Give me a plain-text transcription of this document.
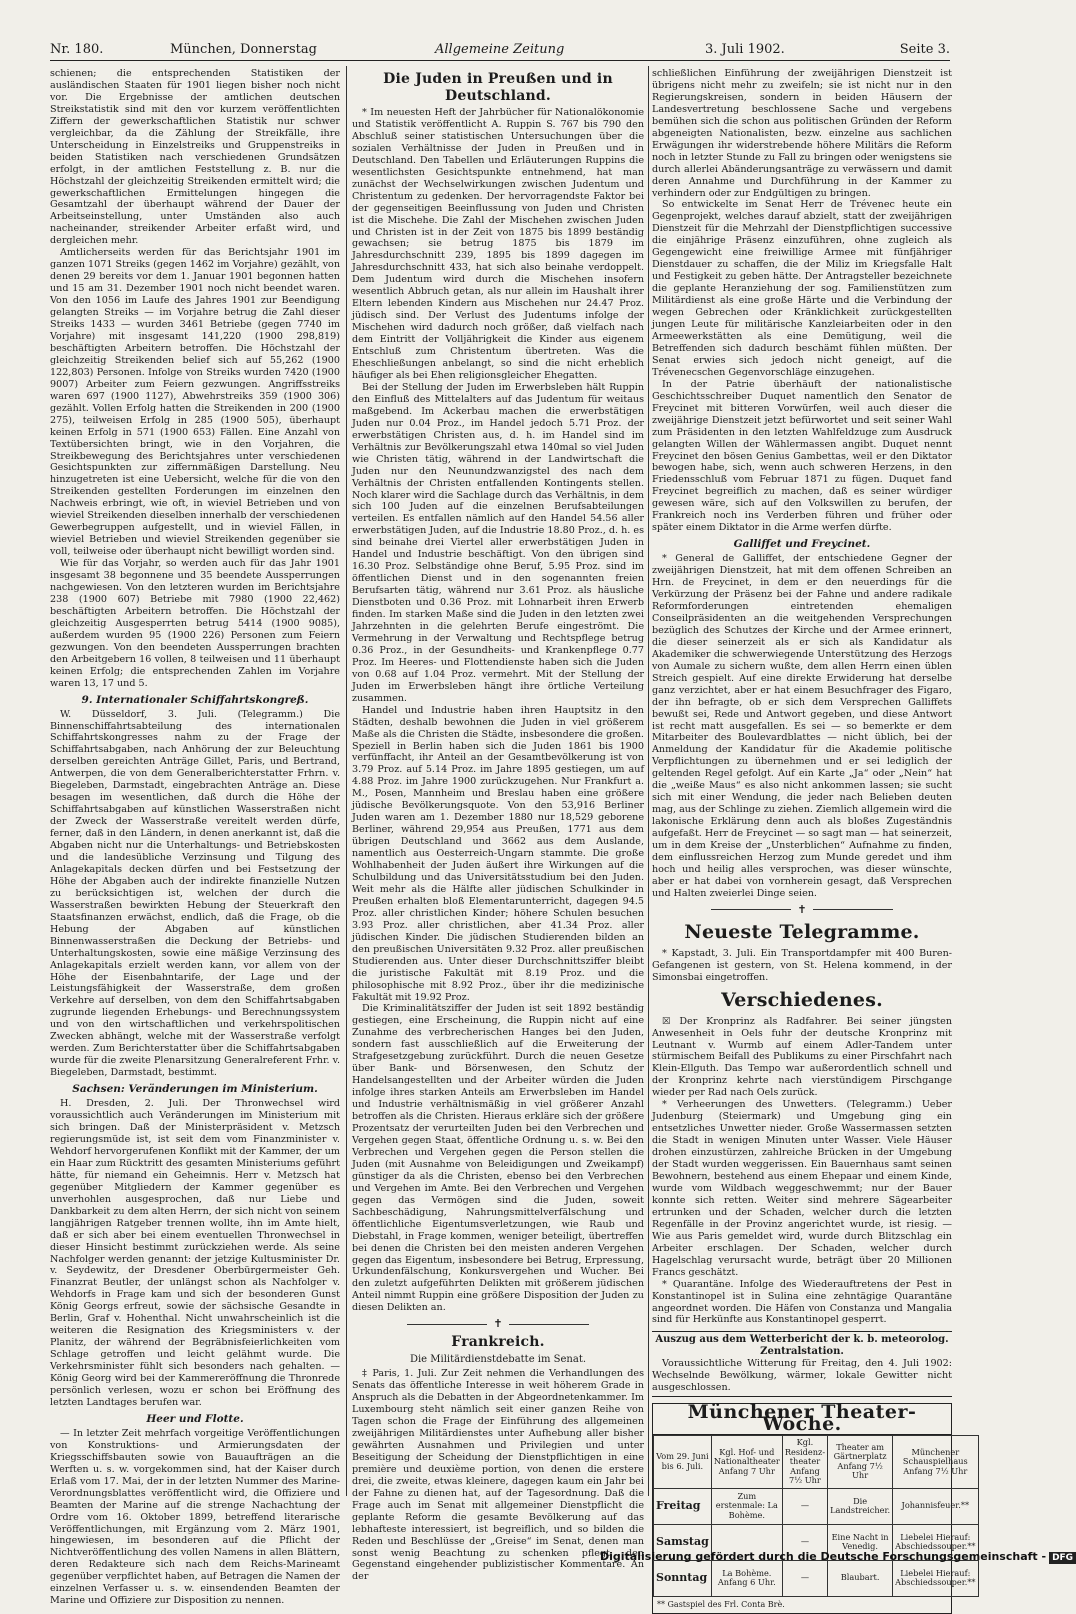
Nr. 180.	München, Donnerstag	Allgemeine Zeitung	3. Juli 1902.	Seite 3.

schienen; die entsprechenden Statistiken der ausländischen Staaten für 1901 liegen bisher noch nicht vor. Die Ergebnisse der amtlichen deutschen Streikstatistik sind mit den vor kurzem veröffentlichten Ziffern der gewerkschaftlichen Statistik nur schwer vergleichbar, da die Zählung der Streikfälle, ihre Unterscheidung in Einzelstreiks und Gruppenstreiks in beiden Statistiken nach verschiedenen Grundsätzen erfolgt, in der amtlichen Feststellung z. B. nur die Höchstzahl der gleichzeitig Streikenden ermittelt wird; die gewerkschaftlichen Ermittelungen hingegen die Gesamtzahl der überhaupt während der Dauer der Arbeitseinstellung, unter Umständen also auch nacheinander, streikender Arbeiter erfaßt wird, und dergleichen mehr.

Amtlicherseits werden für das Berichtsjahr 1901 im ganzen 1071 Streiks (gegen 1462 im Vorjahre) gezählt, von denen 29 bereits vor dem 1. Januar 1901 begonnen hatten und 15 am 31. Dezember 1901 noch nicht beendet waren. Von den 1056 im Laufe des Jahres 1901 zur Beendigung gelangten Streiks — im Vorjahre betrug die Zahl dieser Streiks 1433 — wurden 3461 Betriebe (gegen 7740 im Vorjahre) mit insgesamt 141,220 (1900 298,819) beschäftigten Arbeitern betroffen. Die Höchstzahl der gleichzeitig Streikenden belief sich auf 55,262 (1900 122,803) Personen. Infolge von Streiks wurden 7420 (1900 9007) Arbeiter zum Feiern gezwungen. Angriffsstreiks waren 697 (1900 1127), Abwehrstreiks 359 (1900 306) gezählt. Vollen Erfolg hatten die Streikenden in 200 (1900 275), teilweisen Erfolg in 285 (1900 505), überhaupt keinen Erfolg in 571 (1900 653) Fällen. Eine Anzahl von Textübersichten bringt, wie in den Vorjahren, die Streikbewegung des Berichtsjahres unter verschiedenen Gesichtspunkten zur ziffernmäßigen Darstellung. Neu hinzugetreten ist eine Uebersicht, welche für die von den Streikenden gestellten Forderungen im einzelnen den Nachweis erbringt, wie oft, in wieviel Betrieben und von wieviel Streikenden dieselben innerhalb der verschiedenen Gewerbegruppen aufgestellt, und in wieviel Fällen, in wieviel Betrieben und wieviel Streikenden gegenüber sie voll, teilweise oder überhaupt nicht bewilligt worden sind.

Wie für das Vorjahr, so werden auch für das Jahr 1901 insgesamt 38 begonnene und 35 beendete Aussperrungen nachgewiesen. Von den letzteren wurden im Berichtsjahre 238 (1900 607) Betriebe mit 7980 (1900 22,462) beschäftigten Arbeitern betroffen. Die Höchstzahl der gleichzeitig Ausgesperrten betrug 5414 (1900 9085), außerdem wurden 95 (1900 226) Personen zum Feiern gezwungen. Von den beendeten Aussperrungen brachten den Arbeitgebern 16 vollen, 8 teilweisen und 11 überhaupt keinen Erfolg; die entsprechenden Zahlen im Vorjahre waren 13, 17 und 5.

9. Internationaler Schiffahrtskongreß.

W. Düsseldorf, 3. Juli. (Telegramm.) Die Binnenschiffahrtsabteilung des internationalen Schiffahrtskongresses nahm zu der Frage der Schiffahrtsabgaben, nach Anhörung der zur Beleuchtung derselben gereichten Anträge Gillet, Paris, und Bertrand, Antwerpen, die von dem Generalberichterstatter Frhrn. v. Biegeleben, Darmstadt, eingebrachten Anträge an. Diese besagen im wesentlichen, daß durch die Höhe der Schiffahrtsabgaben auf künstlichen Wasserstraßen nicht der Zweck der Wasserstraße vereitelt werden dürfe, ferner, daß in den Ländern, in denen anerkannt ist, daß die Abgaben nicht nur die Unterhaltungs- und Betriebskosten und die landesübliche Verzinsung und Tilgung des Anlagekapitals decken dürfen und bei Festsetzung der Höhe der Abgaben auch der indirekte finanzielle Nutzen zu berücksichtigen ist, welchen der durch die Wasserstraßen bewirkten Hebung der Steuerkraft den Staatsfinanzen erwächst, endlich, daß die Frage, ob die Hebung der Abgaben auf künstlichen Binnenwasserstraßen die Deckung der Betriebs- und Unterhaltungskosten, sowie eine mäßige Verzinsung des Anlagekapitals erzielt werden kann, vor allem von der Höhe der Eisenbahntarife, der Lage und der Leistungsfähigkeit der Wasserstraße, dem großen Verkehre auf derselben, von dem den Schiffahrtsabgaben zugrunde liegenden Erhebungs- und Berechnungssystem und von den wirtschaftlichen und verkehrspolitischen Zwecken abhängt, welche mit der Wasserstraße verfolgt werden. Zum Berichterstatter über die Schiffahrtsabgaben wurde für die zweite Plenarsitzung Generalreferent Frhr. v. Biegeleben, Darmstadt, bestimmt.

Sachsen: Veränderungen im Ministerium.

H. Dresden, 2. Juli. Der Thronwechsel wird voraussichtlich auch Veränderungen im Ministerium mit sich bringen. Daß der Ministerpräsident v. Metzsch regierungsmüde ist, ist seit dem vom Finanzminister v. Wehdorf hervorgerufenen Konflikt mit der Kammer, der um ein Haar zum Rücktritt des gesamten Ministeriums geführt hätte, für niemand ein Geheimnis. Herr v. Metzsch hat gegenüber Mitgliedern der Kammer gegenüber es unverhohlen ausgesprochen, daß nur Liebe und Dankbarkeit zu dem alten Herrn, der sich nicht von seinem langjährigen Ratgeber trennen wollte, ihn im Amte hielt, daß er sich aber bei einem eventuellen Thronwechsel in dieser Hinsicht bestimmt zurückziehen werde. Als seine Nachfolger werden genannt: der jetzige Kultusminister Dr. v. Seydewitz, der Dresdener Oberbürgermeister Geh. Finanzrat Beutler, der unlängst schon als Nachfolger v. Wehdorfs in Frage kam und sich der besonderen Gunst König Georgs erfreut, sowie der sächsische Gesandte in Berlin, Graf v. Hohenthal. Nicht unwahrscheinlich ist die weiteren die Resignation des Kriegsministers v. der Planitz, der während der Begräbnisfeierlichkeiten vom Schlage getroffen und leicht gelähmt wurde. Die Verkehrsminister fühlt sich besonders nach gehalten. — König Georg wird bei der Kammereröffnung die Thronrede persönlich verlesen, wozu er schon bei Eröffnung des letzten Landtages berufen war.

Heer und Flotte.

— In letzter Zeit mehrfach vorgeitige Veröffentlichungen von Konstruktions- und Armierungsdaten der Kriegsschiffsbauten sowie von Bauaufträgen an die Werften u. s. w. vorgekommen sind, hat der Kaiser durch Erlaß vom 17. Mai, der in der letzten Nummer des Marine-Verordnungsblattes veröffentlicht wird, die Offiziere und Beamten der Marine auf die strenge Nachachtung der Ordre vom 16. Oktober 1899, betreffend literarische Veröffentlichungen, mit Ergänzung vom 2. März 1901, hingewiesen, im besonderen auf die Pflicht der Nichtveröffentlichung des vollen Namens in allen Blättern, deren Redakteure sich nach dem Reichs-Marineamt gegenüber verpflichtet haben, auf Betragen die Namen der einzelnen Verfasser u. s. w. einsendenden Beamten der Marine und Offiziere zur Disposition zu nennen.

Die Juden in Preußen und in Deutschland.

* Im neuesten Heft der Jahrbücher für Nationalökonomie und Statistik veröffentlicht A. Ruppin S. 767 bis 790 den Abschluß seiner statistischen Untersuchungen über die sozialen Verhältnisse der Juden in Preußen und in Deutschland. Den Tabellen und Erläuterungen Ruppins die wesentlichsten Gesichtspunkte entnehmend, hat man zunächst der Wechselwirkungen zwischen Judentum und Christentum zu gedenken. Der hervorragendste Faktor bei der gegenseitigen Beeinflussung von Juden und Christen ist die Mischehe. Die Zahl der Mischehen zwischen Juden und Christen ist in der Zeit von 1875 bis 1899 beständig gewachsen; sie betrug 1875 bis 1879 im Jahresdurchschnitt 239, 1895 bis 1899 dagegen im Jahresdurchschnitt 433, hat sich also beinahe verdoppelt. Dem Judentum wird durch die Mischehen insofern wesentlich Abbruch getan, als nur allein im Haushalt ihrer Eltern lebenden Kindern aus Mischehen nur 24.47 Proz. jüdisch sind. Der Verlust des Judentums infolge der Mischehen wird dadurch noch größer, daß vielfach nach dem Eintritt der Volljährigkeit die Kinder aus eigenem Entschluß zum Christentum übertreten. Was die Eheschließungen anbelangt, so sind die nicht erheblich häufiger als bei Ehen religionsgleicher Ehegatten.

Bei der Stellung der Juden im Erwerbsleben hält Ruppin den Einfluß des Mittelalters auf das Judentum für weitaus maßgebend. Im Ackerbau machen die erwerbstätigen Juden nur 0.04 Proz., im Handel jedoch 5.71 Proz. der erwerbstätigen Christen aus, d. h. im Handel sind im Verhältnis zur Bevölkerungszahl etwa 140mal so viel Juden wie Christen tätig, während in der Landwirtschaft die Juden nur den Neunundzwanzigstel des nach dem Verhältnis der Christen entfallenden Kontingents stellen. Noch klarer wird die Sachlage durch das Verhältnis, in dem sich 100 Juden auf die einzelnen Berufsabteilungen verteilen. Es entfallen nämlich auf den Handel 54.56 aller erwerbstätigen Juden, auf die Industrie 18.80 Proz., d. h. es sind beinahe drei Viertel aller erwerbstätigen Juden in Handel und Industrie beschäftigt. Von den übrigen sind 16.30 Proz. Selbständige ohne Beruf, 5.95 Proz. sind im öffentlichen Dienst und in den sogenannten freien Berufsarten tätig, während nur 3.61 Proz. als häusliche Dienstboten und 0.36 Proz. mit Lohnarbeit ihren Erwerb finden. Im starken Maße sind die Juden in den letzten zwei Jahrzehnten in die gelehrten Berufe eingeströmt. Die Vermehrung in der Verwaltung und Rechtspflege betrug 0.36 Proz., in der Gesundheits- und Krankenpflege 0.77 Proz. Im Heeres- und Flottendienste haben sich die Juden von 0.68 auf 1.04 Proz. vermehrt. Mit der Stellung der Juden im Erwerbsleben hängt ihre örtliche Verteilung zusammen.

Handel und Industrie haben ihren Hauptsitz in den Städten, deshalb bewohnen die Juden in viel größerem Maße als die Christen die Städte, insbesondere die großen. Speziell in Berlin haben sich die Juden 1861 bis 1900 verfünffacht, ihr Anteil an der Gesamtbevölkerung ist von 3.79 Proz. auf 5.14 Proz. im Jahre 1895 gestiegen, um auf 4.88 Proz. im Jahre 1900 zurückzugehen. Nur Frankfurt a. M., Posen, Mannheim und Breslau haben eine größere jüdische Bevölkerungsquote. Von den 53,916 Berliner Juden waren am 1. Dezember 1880 nur 18,529 geborene Berliner, während 29,954 aus Preußen, 1771 aus dem übrigen Deutschland und 3662 aus dem Auslande, namentlich aus Oesterreich-Ungarn stammte. Die große Wohlhabenheit der Juden äußert ihre Wirkungen auf die Schulbildung und das Universitätsstudium bei den Juden. Weit mehr als die Hälfte aller jüdischen Schulkinder in Preußen erhalten bloß Elementarunterricht, dagegen 94.5 Proz. aller christlichen Kinder; höhere Schulen besuchen 3.93 Proz. aller christlichen, aber 41.34 Proz. aller jüdischen Kinder. Die jüdischen Studierenden bilden an den preußischen Universitäten 9.32 Proz. aller preußischen Studierenden aus. Unter dieser Durchschnittsziffer bleibt die juristische Fakultät mit 8.19 Proz. und die philosophische mit 8.92 Proz., über ihr die medizinische Fakultät mit 19.92 Proz.

Die Kriminalitätsziffer der Juden ist seit 1892 beständig gestiegen, eine Erscheinung, die Ruppin nicht auf eine Zunahme des verbrecherischen Hanges bei den Juden, sondern fast ausschließlich auf die Erweiterung der Strafgesetzgebung zurückführt. Durch die neuen Gesetze über Bank- und Börsenwesen, den Schutz der Handelsangestellten und der Arbeiter würden die Juden infolge ihres starken Anteils am Erwerbsleben im Handel und Industrie verhältnismäßig in viel größerer Anzahl betroffen als die Christen. Hieraus erkläre sich der größere Prozentsatz der verurteilten Juden bei den Verbrechen und Vergehen gegen Staat, öffentliche Ordnung u. s. w. Bei den Verbrechen und Vergehen gegen die Person stellen die Juden (mit Ausnahme von Beleidigungen und Zweikampf) günstiger da als die Christen, ebenso bei den Verbrechen und Vergehen im Amte. Bei den Verbrechen und Vergehen gegen das Vermögen sind die Juden, soweit Sachbeschädigung, Nahrungsmittelverfälschung und öffentlichliche Eigentumsverletzungen, wie Raub und Diebstahl, in Frage kommen, weniger beteiligt, übertreffen bei denen die Christen bei den meisten anderen Vergehen gegen das Eigentum, insbesondere bei Betrug, Erpressung, Urkundenfälschung, Konkursvergehen und Wucher. Bei den zuletzt aufgeführten Delikten mit größerem jüdischen Anteil nimmt Ruppin eine größere Disposition der Juden zu diesen Delikten an.

✝
Frankreich.
Die Militärdienstdebatte im Senat.

‡ Paris, 1. Juli. Zur Zeit nehmen die Verhandlungen des Senats das öffentliche Interesse in weit höherem Grade in Anspruch als die Debatten in der Abgeordnetenkammer. Im Luxembourg steht nämlich seit einer ganzen Reihe von Tagen schon die Frage der Einführung des allgemeinen zweijährigen Militärdienstes unter Aufhebung aller bisher gewährten Ausnahmen und Privilegien und unter Beseitigung der Scheidung der Dienstpflichtigen in eine première und deuxième portion, von denen die erstere drei, die zweite, etwas kleinere, dagegen kaum ein Jahr bei der Fahne zu dienen hat, auf der Tagesordnung. Daß die Frage auch im Senat mit allgemeiner Dienstpflicht die geplante Reform die gesamte Bevölkerung auf das lebhafteste interessiert, ist begreiflich, und so bilden die Reden und Beschlüsse der „Greise“ im Senat, denen man sonst wenig Beachtung zu schenken pflegt, den Gegenstand eingehender publizistischer Kommentare. An der

schließlichen Einführung der zweijährigen Dienstzeit ist übrigens nicht mehr zu zweifeln; sie ist nicht nur in den Regierungskreisen, sondern in beiden Häusern der Landesvertretung beschlossene Sache und vergebens bemühen sich die schon aus politischen Gründen der Reform abgeneigten Nationalisten, bezw. einzelne aus sachlichen Erwägungen ihr widerstrebende höhere Militärs die Reform noch in letzter Stunde zu Fall zu bringen oder wenigstens sie durch allerlei Abänderungsanträge zu verwässern und damit deren Annahme und Durchführung in der Kammer zu verhindern oder zur Endgültigen zu bringen.

So entwickelte im Senat Herr de Trévenec heute ein Gegenprojekt, welches darauf abzielt, statt der zweijährigen Dienstzeit für die Mehrzahl der Dienstpflichtigen successive die einjährige Präsenz einzuführen, ohne zugleich als Gegengewicht eine freiwillige Armee mit fünfjähriger Dienstdauer zu schaffen, die der Miliz im Kriegsfalle Halt und Festigkeit zu geben hätte. Der Antragsteller bezeichnete die geplante Heranziehung der sog. Familienstützen zum Militärdienst als eine große Härte und die Verbindung der wegen Gebrechen oder Kränklichkeit zurückgestellten jungen Leute für militärische Kanzleiarbeiten oder in den Armeewerkstätten als eine Demütigung, weil die Betreffenden sich dadurch beschämt fühlen müßten. Der Senat erwies sich jedoch nicht geneigt, auf die Trévenecschen Gegenvorschläge einzugehen.

In der Patrie überhäuft der nationalistische Geschichtsschreiber Duquet namentlich den Senator de Freycinet mit bitteren Vorwürfen, weil auch dieser die zweijährige Dienstzeit jetzt befürwortet und seit seiner Wahl zum Präsidenten in den letzten Wahlfeldzuge zum Ausdruck gelangten Willen der Wählermassen angibt. Duquet nennt Freycinet den bösen Genius Gambettas, weil er den Diktator bewogen habe, sich, wenn auch schweren Herzens, in den Friedensschluß vom Februar 1871 zu fügen. Duquet fand Freycinet begreiflich zu machen, daß es seiner würdiger gewesen wäre, sich auf den Volkswillen zu berufen, der Frankreich noch ins Verderben führen und früher oder später einem Diktator in die Arme werfen dürfte.

Galliffet und Freycinet.

* General de Galliffet, der entschiedene Gegner der zweijährigen Dienstzeit, hat mit dem offenen Schreiben an Hrn. de Freycinet, in dem er den neuerdings für die Verkürzung der Präsenz bei der Fahne und andere radikale Reformforderungen eintretenden ehemaligen Conseilpräsidenten an die weitgehenden Versprechungen bezüglich des Schutzes der Kirche und der Armee erinnert, die dieser seinerzeit als er sich als Kandidatur als Akademiker die schwerwiegende Unterstützung des Herzogs von Aumale zu sichern wußte, dem allen Herrn einen üblen Streich gespielt. Auf eine direkte Erwiderung hat derselbe ganz verzichtet, aber er hat einem Besuchfrager des Figaro, der ihn befragte, ob er sich dem Versprechen Galliffets bewußt sei, Rede und Antwort gegeben, und diese Antwort ist recht matt ausgefallen. Es sei — so bemerkte er dem Mitarbeiter des Boulevardblattes — nicht üblich, bei der Anmeldung der Kandidatur für die Akademie politische Verpflichtungen zu übernehmen und er sei lediglich der geltenden Regel gefolgt. Auf ein Karte „Ja“ oder „Nein“ hat die „weiße Maus“ es also nicht ankommen lassen; sie sucht sich mit einer Wendung, die jeder nach Belieben deuten mag, aus der Schlinge zu ziehen. Ziemlich allgemein wird die lakonische Erklärung denn auch als bloßes Zugeständnis aufgefaßt. Herr de Freycinet — so sagt man — hat seinerzeit, um in dem Kreise der „Unsterblichen“ Aufnahme zu finden, dem einflussreichen Herzog zum Munde geredet und ihm hoch und heilig alles versprochen, was dieser wünschte, aber er hat dabei von vornherein gesagt, daß Versprechen und Halten zweierlei Dinge seien.

✝
Neueste Telegramme.

* Kapstadt, 3. Juli. Ein Transportdampfer mit 400 Buren-Gefangenen ist gestern, von St. Helena kommend, in der Simonsbai eingetroffen.

Verschiedenes.

☒ Der Kronprinz als Radfahrer. Bei seiner jüngsten Anwesenheit in Oels fuhr der deutsche Kronprinz mit Leutnant v. Wurmb auf einem Adler-Tandem unter stürmischem Beifall des Publikums zu einer Pirschfahrt nach Klein-Ellguth. Das Tempo war außerordentlich schnell und der Kronprinz kehrte nach vierstündigem Pirschgange wieder per Rad nach Oels zurück.

* Verheerungen des Unwetters. (Telegramm.) Ueber Judenburg (Steiermark) und Umgebung ging ein entsetzliches Unwetter nieder. Große Wassermassen setzten die Stadt in wenigen Minuten unter Wasser. Viele Häuser drohen einzustürzen, zahlreiche Brücken in der Umgebung der Stadt wurden weggerissen. Ein Bauernhaus samt seinen Bewohnern, bestehend aus einem Ehepaar und einem Kinde, wurde vom Wildbach weggeschwemmt; nur der Bauer konnte sich retten. Weiter sind mehrere Sägearbeiter ertrunken und der Schaden, welcher durch die letzten Regenfälle in der Provinz angerichtet wurde, ist riesig. — Wie aus Paris gemeldet wird, wurde durch Blitzschlag ein Arbeiter erschlagen. Der Schaden, welcher durch Hagelschlag verursacht wurde, beträgt über 20 Millionen Francs geschätzt.

* Quarantäne. Infolge des Wiederauftretens der Pest in Konstantinopel ist in Sulina eine zehntägige Quarantäne angeordnet worden. Die Häfen von Constanza und Mangalia sind für Herkünfte aus Konstantinopel gesperrt.

Auszug aus dem Wetterbericht der k. b. meteorolog. Zentralstation.

Voraussichtliche Witterung für Freitag, den 4. Juli 1902: Wechselnde Bewölkung, wärmer, lokale Gewitter nicht ausgeschlossen.

Münchener Theater-Woche.
Vom 29. Juni bis 6. Juli.	Kgl. Hof- und Nationaltheater Anfang 7 Uhr	Kgl. Residenz-theater Anfang 7½ Uhr	Theater am Gärtnerplatz Anfang 7½ Uhr	Münchener Schauspielhaus Anfang 7½ Uhr
Freitag	Zum erstenmale: La Bohème.	—	Die Landstreicher.	Johannisfeuer.**
Samstag		—	Eine Nacht in Venedig.	Liebelei Hierauf: Abschiedssouper.**
Sonntag	La Bohème. Anfang 6 Uhr.	—	Blaubart.	Liebelei Hierauf: Abschiedssouper.**
** Gastspiel des Frl. Conta Brè.
Digitalisierung gefördert durch die Deutsche Forschungsgemeinschaft - DFG
